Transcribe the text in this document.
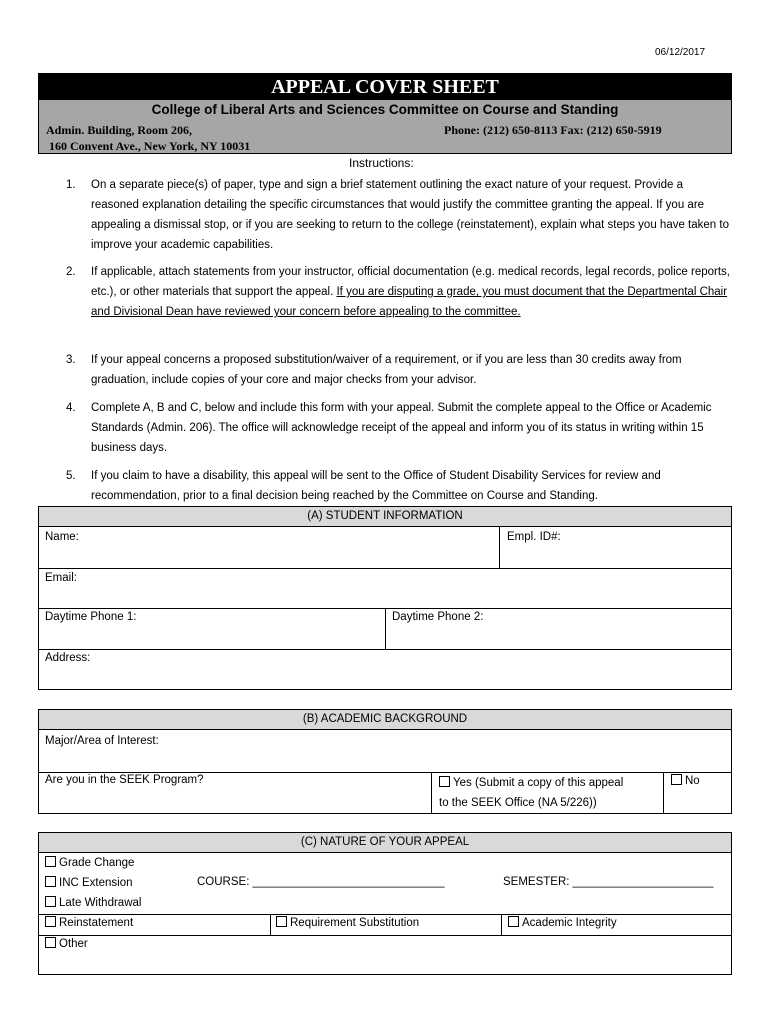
06/12/2017
APPEAL COVER SHEET
College of Liberal Arts and Sciences Committee on Course and Standing
Admin. Building, Room 206,	Phone: (212) 650-8113 Fax: (212) 650-5919
160 Convent Ave., New York, NY 10031
Instructions:
1. On a separate piece(s) of paper, type and sign a brief statement outlining the exact nature of your request. Provide a reasoned explanation detailing the specific circumstances that would justify the committee granting the appeal. If you are appealing a dismissal stop, or if you are seeking to return to the college (reinstatement), explain what steps you have taken to improve your academic capabilities.
2. If applicable, attach statements from your instructor, official documentation (e.g. medical records, legal records, police reports, etc.), or other materials that support the appeal. If you are disputing a grade, you must document that the Departmental Chair and Divisional Dean have reviewed your concern before appealing to the committee.
3. If your appeal concerns a proposed substitution/waiver of a requirement, or if you are less than 30 credits away from graduation, include copies of your core and major checks from your advisor.
4. Complete A, B and C, below and include this form with your appeal. Submit the complete appeal to the Office or Academic Standards (Admin. 206). The office will acknowledge receipt of the appeal and inform you of its status in writing within 15 business days.
5. If you claim to have a disability, this appeal will be sent to the Office of Student Disability Services for review and recommendation, prior to a final decision being reached by the Committee on Course and Standing.
(A) STUDENT INFORMATION
Name:	Empl. ID#:
Email:
Daytime Phone 1:	Daytime Phone 2:
Address:
(B) ACADEMIC BACKGROUND
Major/Area of Interest:
Are you in the SEEK Program?	Yes (Submit a copy of this appeal
to the SEEK Office (NA 5/226))
No
(C) NATURE OF YOUR APPEAL
Grade Change
INC Extension	COURSE: ______________________________	SEMESTER: ______________________
Late Withdrawal
Reinstatement	Requirement Substitution	Academic Integrity
Other
